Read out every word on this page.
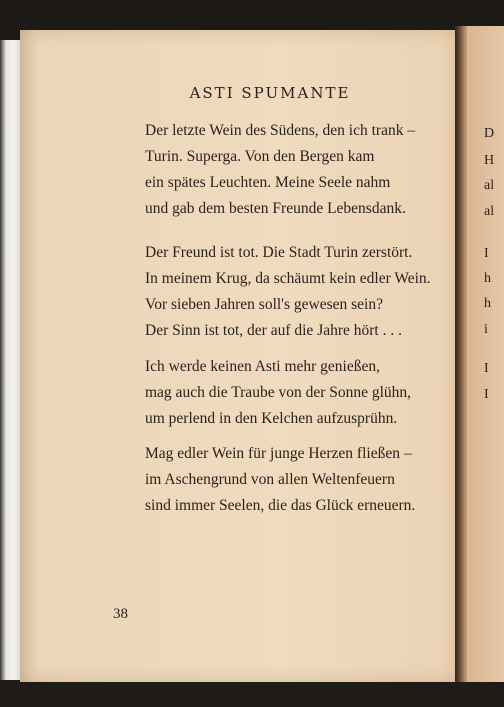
ASTI SPUMANTE
Der letzte Wein des Südens, den ich trank –
Turin. Superga. Von den Bergen kam
ein spätes Leuchten. Meine Seele nahm
und gab dem besten Freunde Lebensdank.
Der Freund ist tot. Die Stadt Turin zerstört.
In meinem Krug, da schäumt kein edler Wein.
Vor sieben Jahren soll's gewesen sein?
Der Sinn ist tot, der auf die Jahre hört . . .
Ich werde keinen Asti mehr genießen,
mag auch die Traube von der Sonne glühn,
um perlend in den Kelchen aufzusprühn.
Mag edler Wein für junge Herzen fließen –
im Aschengrund von allen Weltenfeuern
sind immer Seelen, die das Glück erneuern.
38
D
H
al
al
I
h
h
i
I
I
